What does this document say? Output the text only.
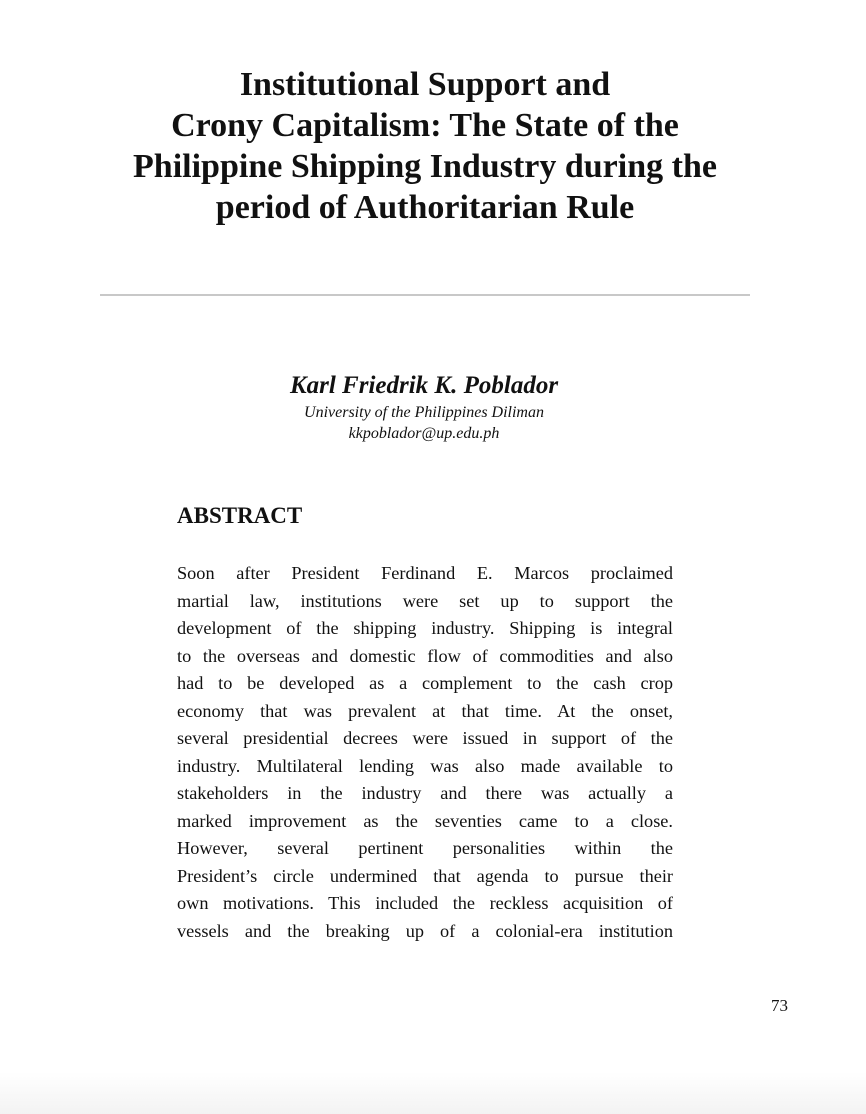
Institutional Support and
Crony Capitalism: The State of the
Philippine Shipping Industry during the
period of Authoritarian Rule
Karl Friedrik K. Poblador
University of the Philippines Diliman
kkpoblador@up.edu.ph
ABSTRACT
Soon after President Ferdinand E. Marcos proclaimed
martial law, institutions were set up to support the
development of the shipping industry. Shipping is integral
to the overseas and domestic flow of commodities and also
had to be developed as a complement to the cash crop
economy that was prevalent at that time. At the onset,
several presidential decrees were issued in support of the
industry. Multilateral lending was also made available to
stakeholders in the industry and there was actually a
marked improvement as the seventies came to a close.
However, several pertinent personalities within the
President’s circle undermined that agenda to pursue their
own motivations. This included the reckless acquisition of
vessels and the breaking up of a colonial-era institution
73
